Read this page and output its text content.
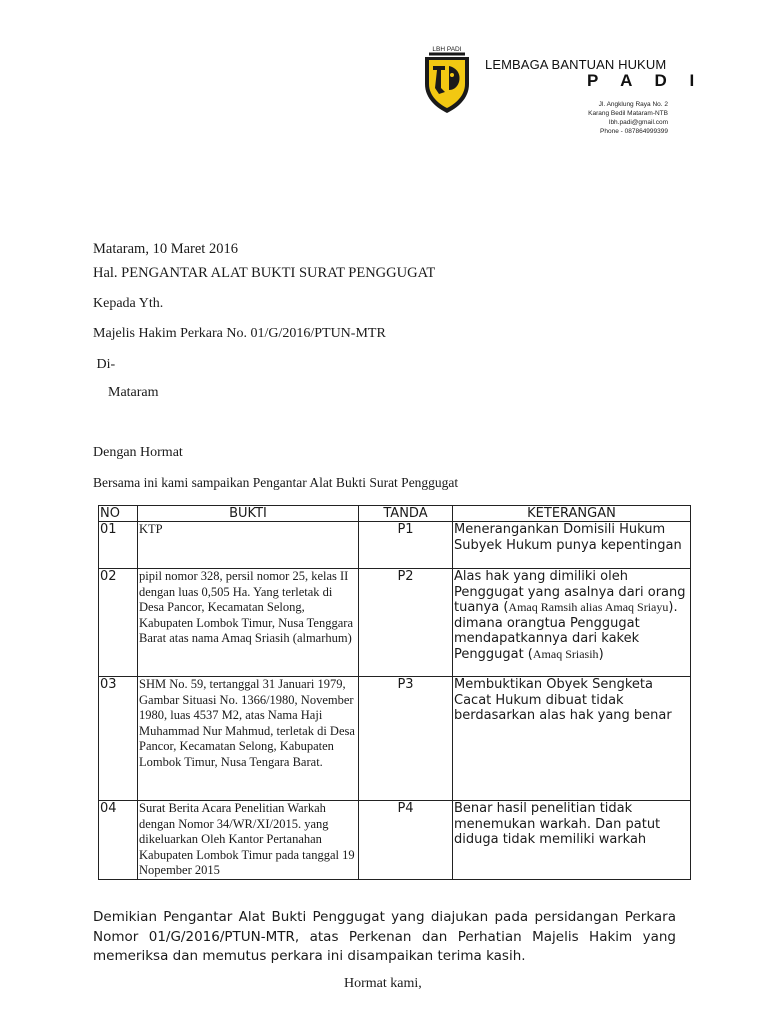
LBH PADI
LEMBAGA BANTUAN HUKUM
P A D I
Jl. Angklung Raya No. 2
Karang Bedil Mataram-NTB
lbh.padi@gmail.com
Phone - 087864999399
Mataram, 10 Maret 2016
Hal. PENGANTAR ALAT BUKTI SURAT PENGGUGAT
Kepada Yth.
Majelis Hakim Perkara No. 01/G/2016/PTUN-MTR
Di-
Mataram
Dengan Hormat
Bersama ini kami sampaikan Pengantar Alat Bukti Surat Penggugat
NO	BUKTI	TANDA	KETERANGAN
01	KTP	P1	Menerangankan Domisili Hukum Subyek Hukum punya kepentingan
02	pipil nomor 328, persil nomor 25, kelas II dengan luas 0,505 Ha. Yang terletak di Desa Pancor, Kecamatan Selong, Kabupaten Lombok Timur, Nusa Tenggara Barat atas nama Amaq Sriasih (almarhum)	P2	Alas hak yang dimiliki oleh Penggugat yang asalnya dari orang tuanya (Amaq Ramsih alias Amaq Sriayu). dimana orangtua Penggugat mendapatkannya dari kakek Penggugat (Amaq Sriasih)
03	SHM No. 59, tertanggal 31 Januari 1979, Gambar Situasi No. 1366/1980, November 1980, luas 4537 M2, atas Nama Haji Muhammad Nur Mahmud, terletak di Desa Pancor, Kecamatan Selong, Kabupaten Lombok Timur, Nusa Tengara Barat.	P3	Membuktikan Obyek Sengketa Cacat Hukum dibuat tidak berdasarkan alas hak yang benar
04	Surat Berita Acara Penelitian Warkah dengan Nomor 34/WR/XI/2015. yang dikeluarkan Oleh Kantor Pertanahan Kabupaten Lombok Timur pada tanggal 19 Nopember 2015	P4	Benar hasil penelitian tidak menemukan warkah. Dan patut diduga tidak memiliki warkah
Demikian Pengantar Alat Bukti Penggugat yang diajukan pada persidangan Perkara Nomor 01/G/2016/PTUN-MTR, atas Perkenan dan Perhatian Majelis Hakim yang memeriksa dan memutus perkara ini disampaikan terima kasih.
Hormat kami,
